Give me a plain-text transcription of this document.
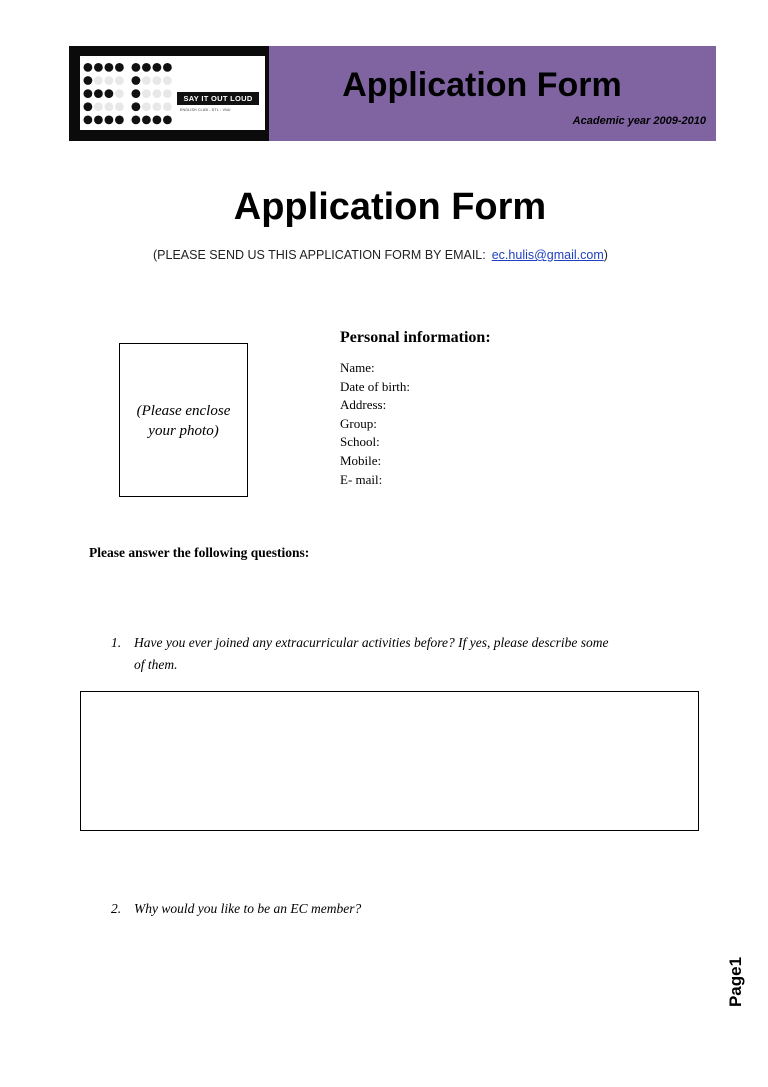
SAY IT OUT LOUD
ENGLISH CLUB - DTL - VNU
Application Form
Academic year 2009-2010
Application Form
(PLEASE SEND US THIS APPLICATION FORM BY EMAIL: ec.hulis@gmail.com)
(Please enclose
your photo)
Personal information:
Name:
Date of birth:
Address:
Group:
School:
Mobile:
E- mail:
Please answer the following questions:
1. Have you ever joined any extracurricular activities before? If yes, please describe some
of them.
2. Why would you like to be an EC member?
Page1
